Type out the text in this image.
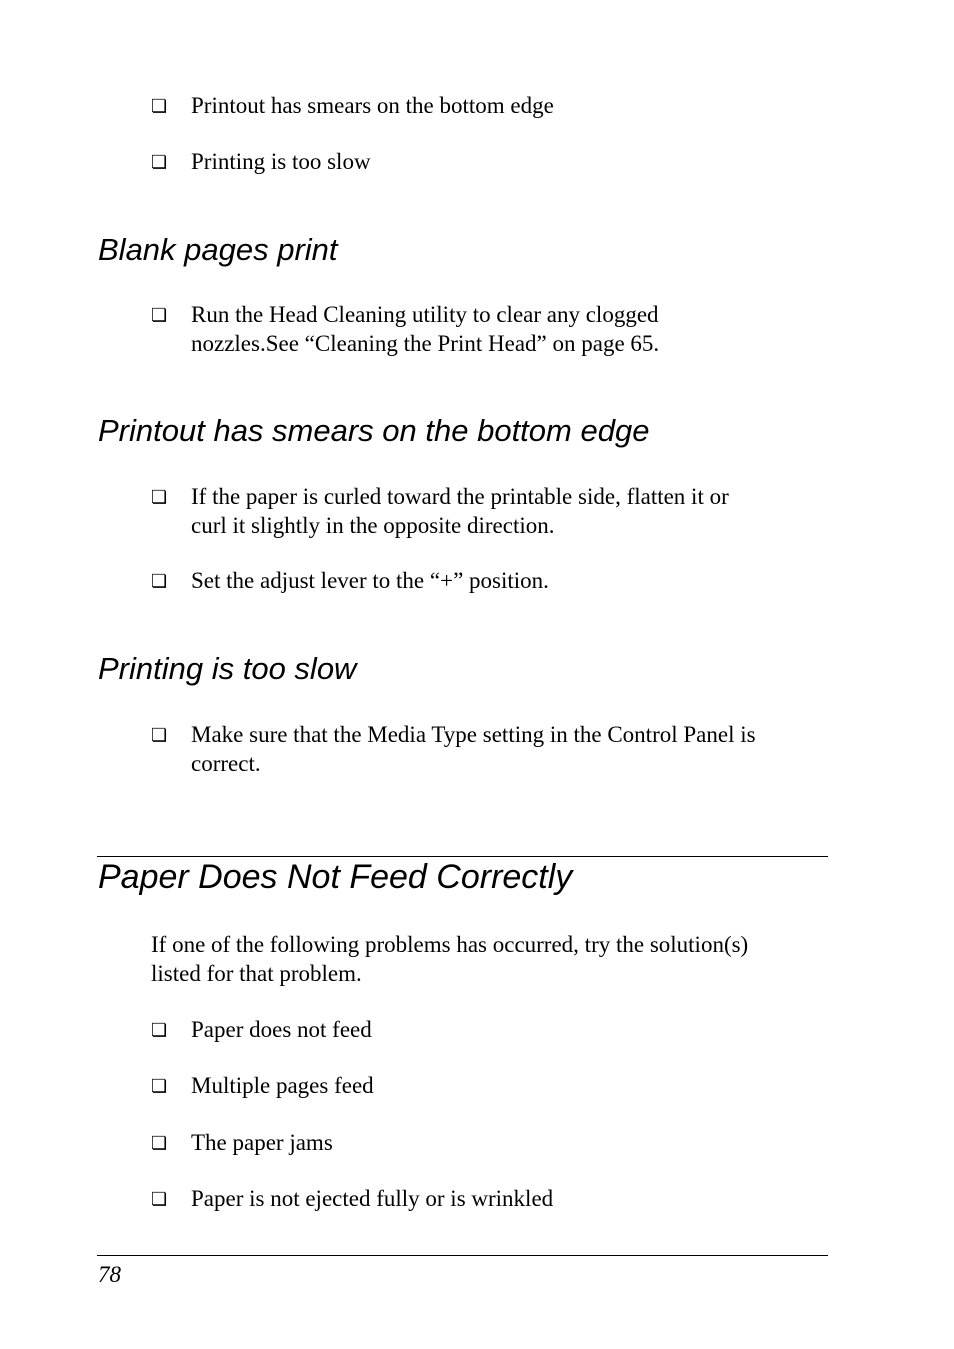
❏ Printout has smears on the bottom edge
❏ Printing is too slow
Blank pages print
❏ Run the Head Cleaning utility to clear any clogged
nozzles.See “Cleaning the Print Head” on page 65.
Printout has smears on the bottom edge
❏ If the paper is curled toward the printable side, flatten it or
curl it slightly in the opposite direction.
❏ Set the adjust lever to the “+” position.
Printing is too slow
❏ Make sure that the Media Type setting in the Control Panel is
correct.
Paper Does Not Feed Correctly
If one of the following problems has occurred, try the solution(s)
listed for that problem.
❏ Paper does not feed
❏ Multiple pages feed
❏ The paper jams
❏ Paper is not ejected fully or is wrinkled
78
